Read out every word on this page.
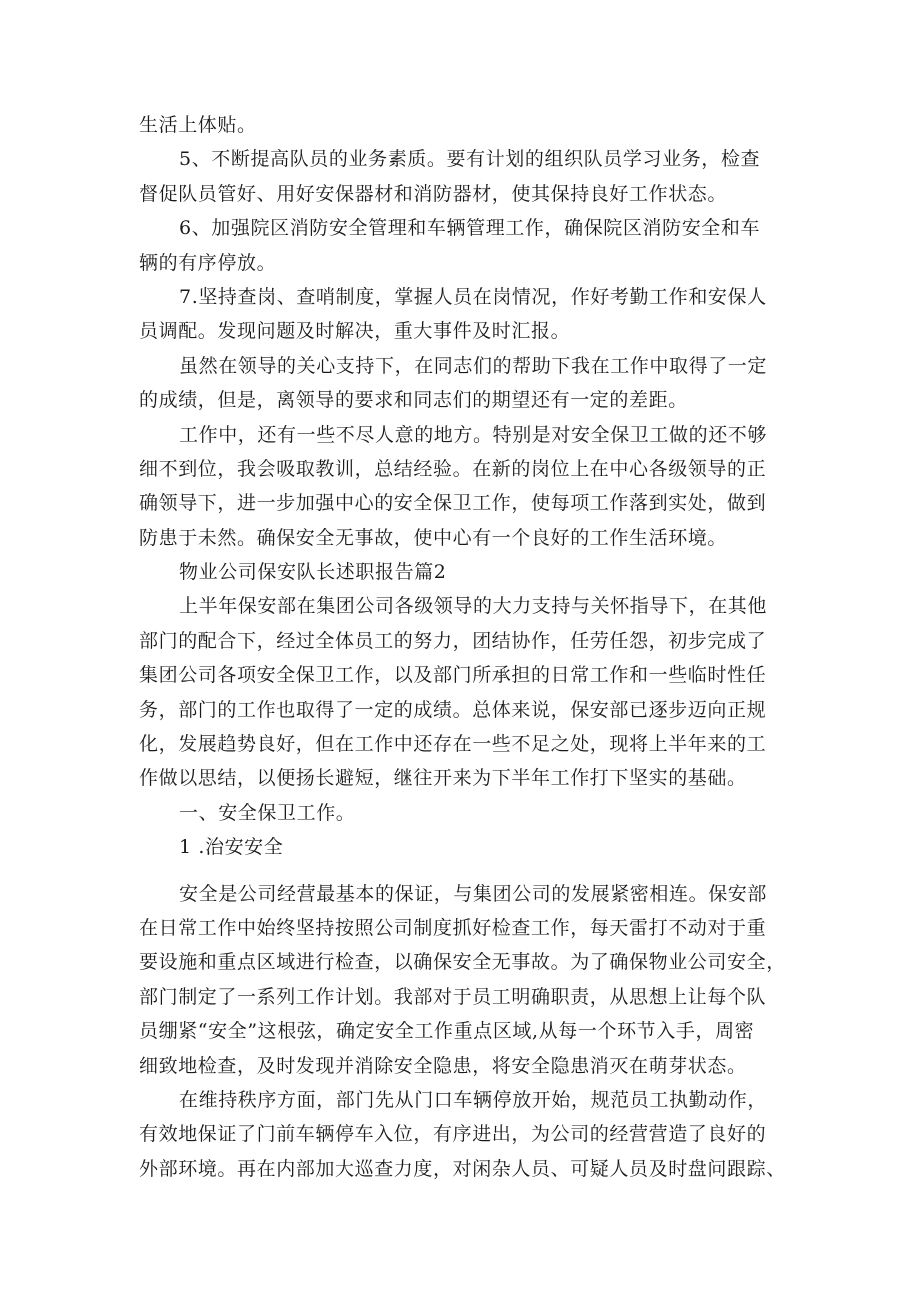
生活上体贴。
5、不断提高队员的业务素质。要有计划的组织队员学习业务，检查
督促队员管好、用好安保器材和消防器材，使其保持良好工作状态。
6、加强院区消防安全管理和车辆管理工作，确保院区消防安全和车
辆的有序停放。
7.坚持查岗、查哨制度，掌握人员在岗情况，作好考勤工作和安保人
员调配。发现问题及时解决，重大事件及时汇报。
虽然在领导的关心支持下，在同志们的帮助下我在工作中取得了一定
的成绩，但是，离领导的要求和同志们的期望还有一定的差距。
工作中，还有一些不尽人意的地方。特别是对安全保卫工做的还不够
细不到位，我会吸取教训，总结经验。在新的岗位上在中心各级领导的正
确领导下，进一步加强中心的安全保卫工作，使每项工作落到实处，做到
防患于未然。确保安全无事故，使中心有一个良好的工作生活环境。
物业公司保安队长述职报告篇2
上半年保安部在集团公司各级领导的大力支持与关怀指导下，在其他
部门的配合下，经过全体员工的努力，团结协作，任劳任怨，初步完成了
集团公司各项安全保卫工作，以及部门所承担的日常工作和一些临时性任
务，部门的工作也取得了一定的成绩。总体来说，保安部已逐步迈向正规
化，发展趋势良好，但在工作中还存在一些不足之处，现将上半年来的工
作做以思结，以便扬长避短，继往开来为下半年工作打下坚实的基础。
一、安全保卫工作。
1 .治安安全
安全是公司经营最基本的保证，与集团公司的发展紧密相连。保安部
在日常工作中始终坚持按照公司制度抓好检查工作，每天雷打不动对于重
要设施和重点区域进行检查，以确保安全无事故。为了确保物业公司安全，
部门制定了一系列工作计划。我部对于员工明确职责，从思想上让每个队
员绷紧“安全”这根弦，确定安全工作重点区域,从每一个环节入手，周密
细致地检查，及时发现并消除安全隐患，将安全隐患消灭在萌芽状态。
在维持秩序方面，部门先从门口车辆停放开始，规范员工执勤动作，
有效地保证了门前车辆停车入位，有序进出，为公司的经营营造了良好的
外部环境。再在内部加大巡查力度，对闲杂人员、可疑人员及时盘问跟踪、
